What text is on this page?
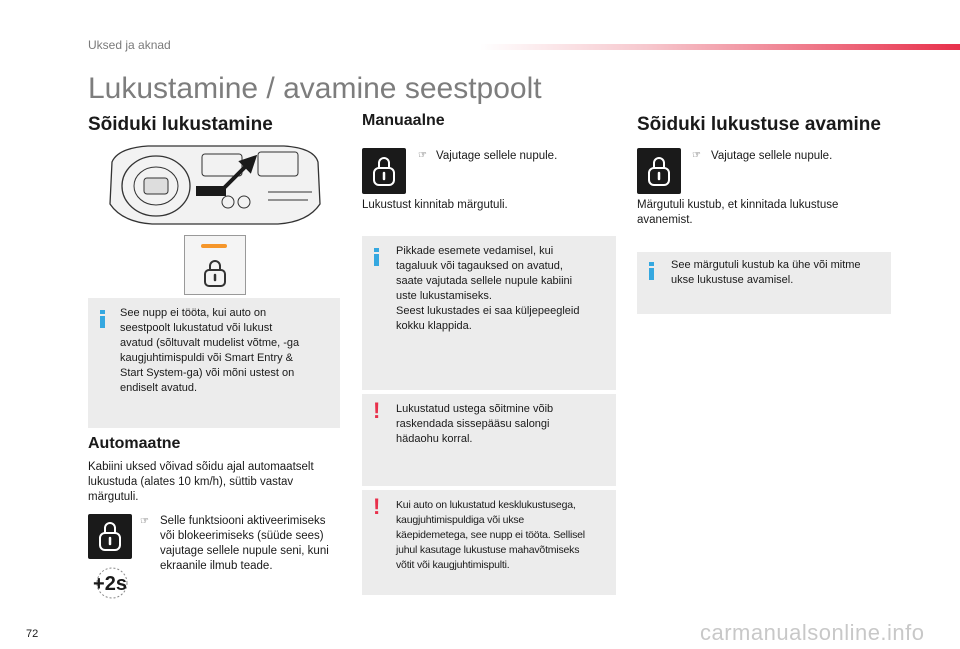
Uksed ja aknad
Lukustamine / avamine seestpoolt
Sõiduki lukustamine
See nupp ei tööta, kui auto on
seestpoolt lukustatud või lukust
avatud (sõltuvalt mudelist võtme, -ga
kaugjuhtimispuldi või Smart Entry &
Start System-ga) või mõni ustest on
endiselt avatud.
Automaatne
Kabiini uksed võivad sõidu ajal automaatselt
lukustuda (alates 10 km/h), süttib vastav
märgutuli.
+2s
☞ Selle funktsiooni aktiveerimiseks
või blokeerimiseks (süüde sees)
vajutage sellele nupule seni, kuni
ekraanile ilmub teade.
Manuaalne
☞ Vajutage sellele nupule.
Lukustust kinnitab märgutuli.
Pikkade esemete vedamisel, kui
tagaluuk või tagauksed on avatud,
saate vajutada sellele nupule kabiini
uste lukustamiseks.
Seest lukustades ei saa küljepeegleid
kokku klappida.
! Lukustatud ustega sõitmine võib
raskendada sissepääsu salongi
hädaohu korral.
! Kui auto on lukustatud kesklukustusega,
kaugjuhtimispuldiga või ukse
käepidemetega, see nupp ei tööta. Sellisel
juhul kasutage lukustuse mahavõtmiseks
võtit või kaugjuhtimispulti.
Sõiduki lukustuse avamine
☞ Vajutage sellele nupule.
Märgutuli kustub, et kinnitada lukustuse
avanemist.
See märgutuli kustub ka ühe või mitme
ukse lukustuse avamisel.
72	carmanualsonline.info
